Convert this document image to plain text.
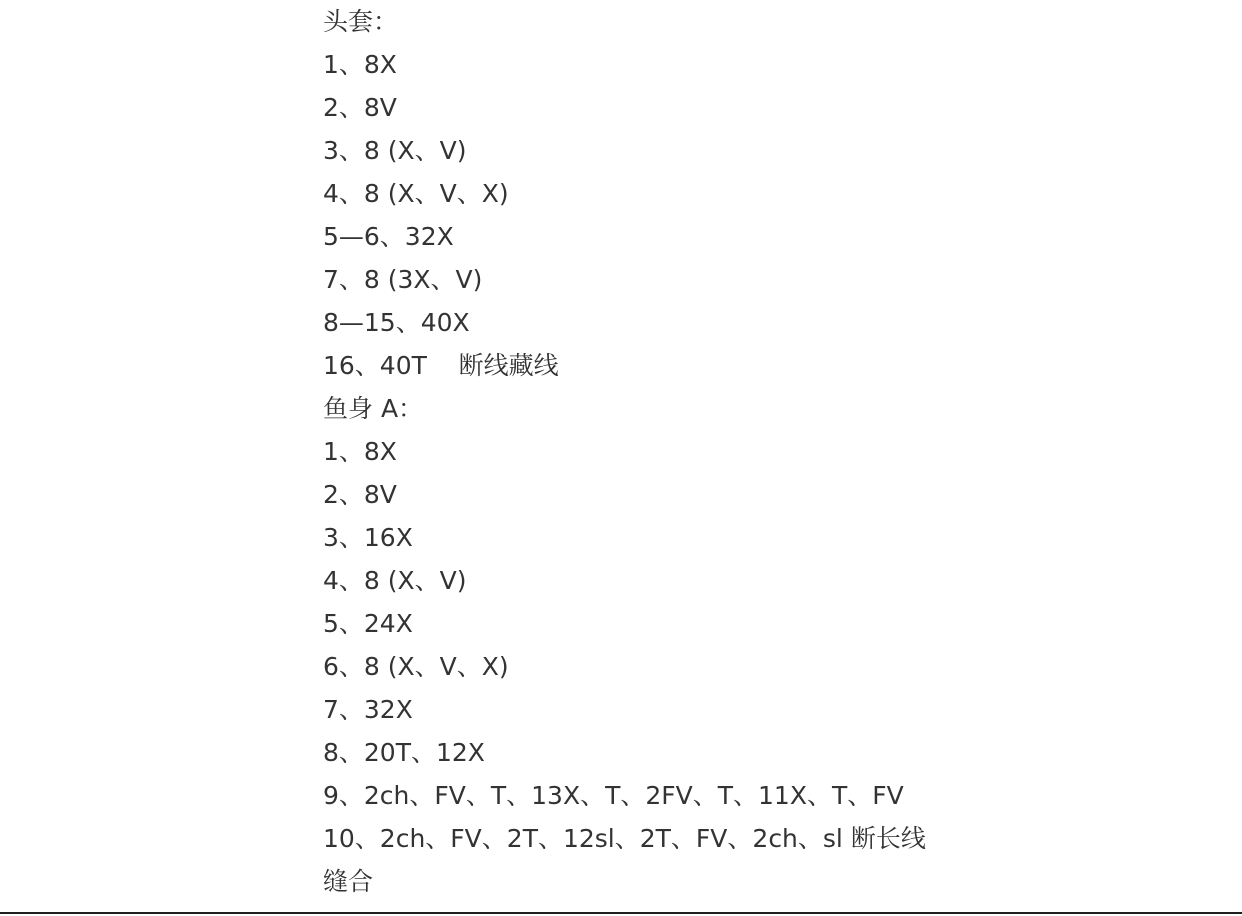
头套：

1、8X

2、8V

3、8 (X、V)

4、8 (X、V、X)

5—6、32X

7、8 (3X、V)

8—15、40X

16、40T    断线藏线

鱼身 A：

1、8X

2、8V

3、16X

4、8 (X、V)

5、24X

6、8 (X、V、X)

7、32X

8、20T、12X

9、2ch、FV、T、13X、T、2FV、T、11X、T、FV

10、2ch、FV、2T、12sl、2T、FV、2ch、sl 断长线

缝合
